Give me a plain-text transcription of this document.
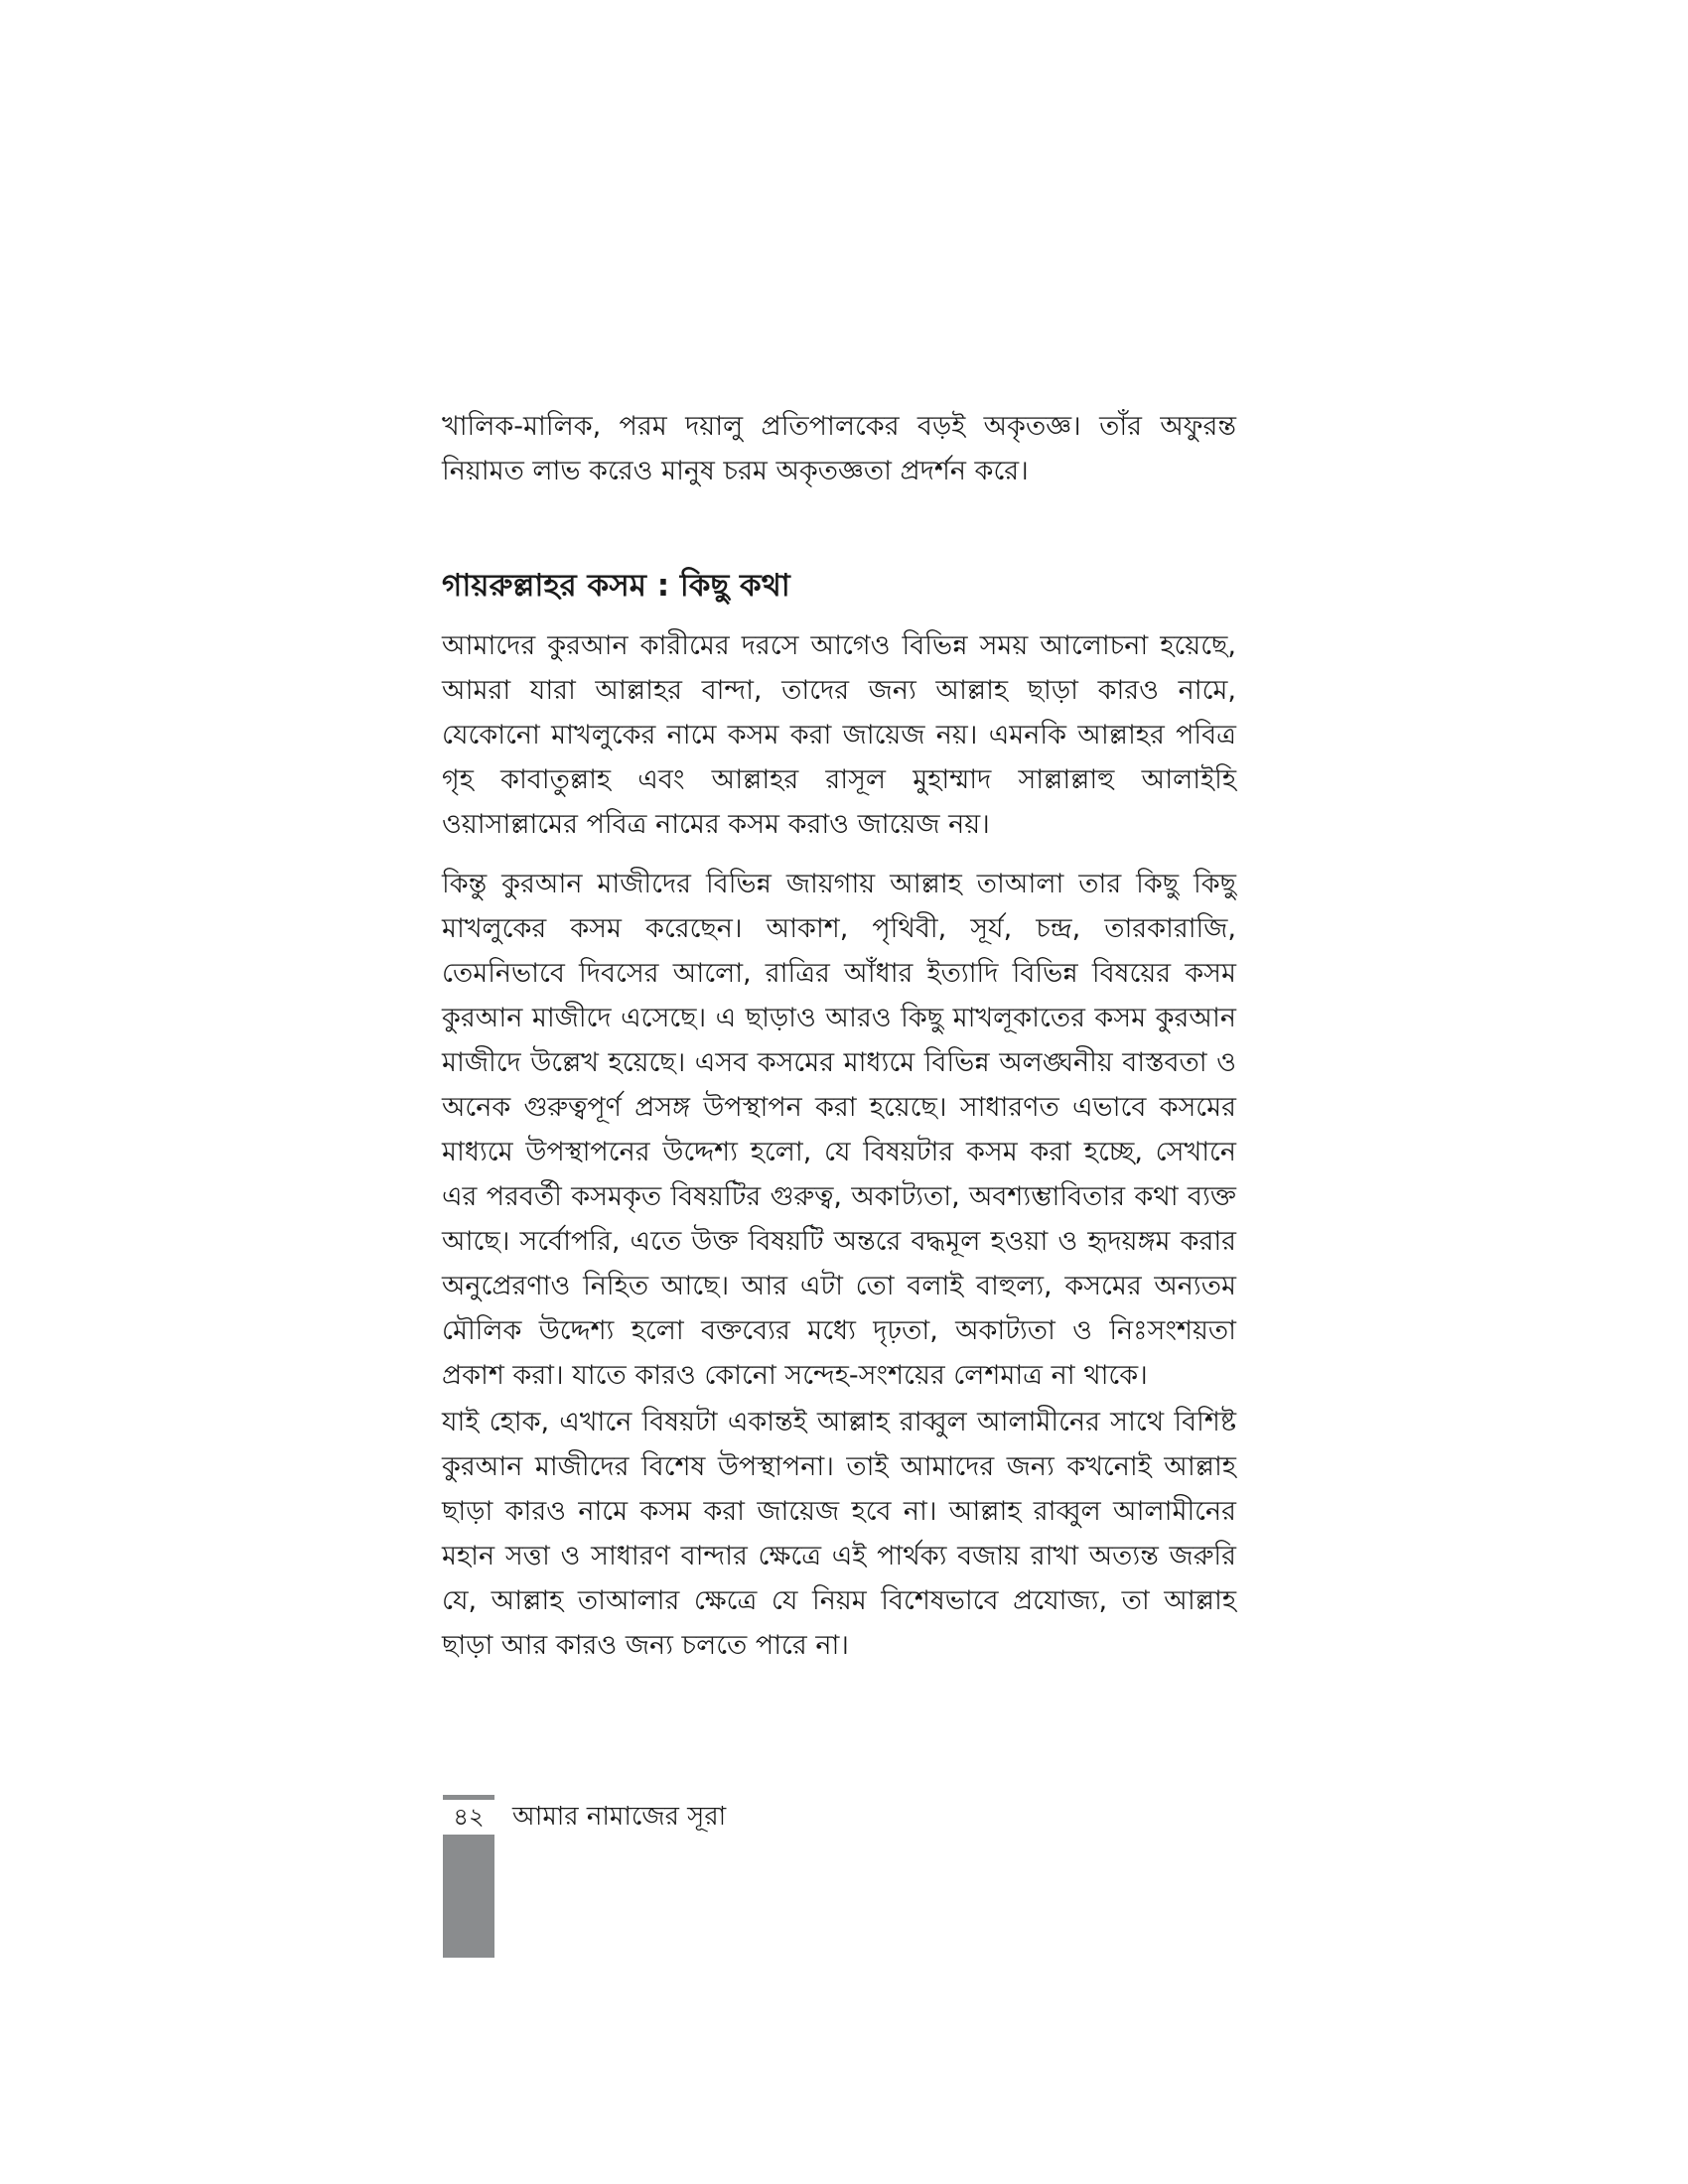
খালিক-মালিক, পরম দয়ালু প্রতিপালকের বড়ই অকৃতজ্ঞ। তাঁর অফুরন্ত নিয়ামত লাভ করেও মানুষ চরম অকৃতজ্ঞতা প্রদর্শন করে।

গায়রুল্লাহর কসম : কিছু কথা

আমাদের কুরআন কারীমের দরসে আগেও বিভিন্ন সময় আলোচনা হয়েছে, আমরা যারা আল্লাহর বান্দা, তাদের জন্য আল্লাহ ছাড়া কারও নামে, যেকোনো মাখলুকের নামে কসম করা জায়েজ নয়। এমনকি আল্লাহর পবিত্র গৃহ কাবাতুল্লাহ এবং আল্লাহর রাসূল মুহাম্মাদ সাল্লাল্লাহু আলাইহি ওয়াসাল্লামের পবিত্র নামের কসম করাও জায়েজ নয়।

কিন্তু কুরআন মাজীদের বিভিন্ন জায়গায় আল্লাহ তাআলা তার কিছু কিছু মাখলুকের কসম করেছেন। আকাশ, পৃথিবী, সূর্য, চন্দ্র, তারকারাজি, তেমনিভাবে দিবসের আলো, রাত্রির আঁধার ইত্যাদি বিভিন্ন বিষয়ের কসম কুরআন মাজীদে এসেছে। এ ছাড়াও আরও কিছু মাখলূকাতের কসম কুরআন মাজীদে উল্লেখ হয়েছে। এসব কসমের মাধ্যমে বিভিন্ন অলঙ্ঘনীয় বাস্তবতা ও অনেক গুরুত্বপূর্ণ প্রসঙ্গ উপস্থাপন করা হয়েছে। সাধারণত এভাবে কসমের মাধ্যমে উপস্থাপনের উদ্দেশ্য হলো, যে বিষয়টার কসম করা হচ্ছে, সেখানে এর পরবর্তী কসমকৃত বিষয়টির গুরুত্ব, অকাট্যতা, অবশ্যম্ভাবিতার কথা ব্যক্ত আছে। সর্বোপরি, এতে উক্ত বিষয়টি অন্তরে বদ্ধমূল হওয়া ও হৃদয়ঙ্গম করার অনুপ্রেরণাও নিহিত আছে। আর এটা তো বলাই বাহুল্য, কসমের অন্যতম মৌলিক উদ্দেশ্য হলো বক্তব্যের মধ্যে দৃঢ়তা, অকাট্যতা ও নিঃসংশয়তা প্রকাশ করা। যাতে কারও কোনো সন্দেহ-সংশয়ের লেশমাত্র না থাকে।

যাই হোক, এখানে বিষয়টা একান্তই আল্লাহ রাব্বুল আলামীনের সাথে বিশিষ্ট কুরআন মাজীদের বিশেষ উপস্থাপনা। তাই আমাদের জন্য কখনোই আল্লাহ ছাড়া কারও নামে কসম করা জায়েজ হবে না। আল্লাহ রাব্বুল আলামীনের মহান সত্তা ও সাধারণ বান্দার ক্ষেত্রে এই পার্থক্য বজায় রাখা অত্যন্ত জরুরি যে, আল্লাহ তাআলার ক্ষেত্রে যে নিয়ম বিশেষভাবে প্রযোজ্য, তা আল্লাহ ছাড়া আর কারও জন্য চলতে পারে না।

৪২	আমার নামাজের সূরা
